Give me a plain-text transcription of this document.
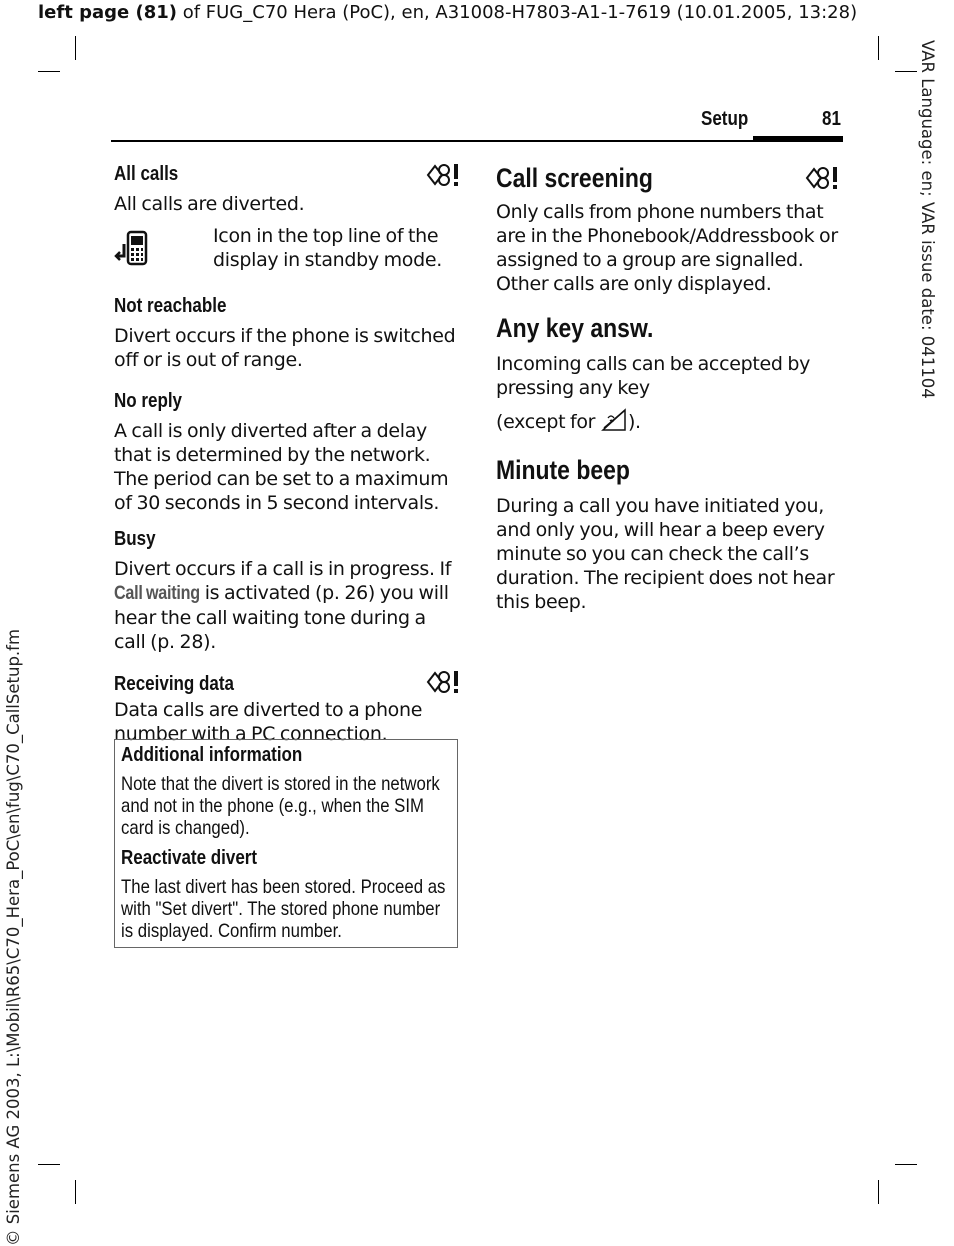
left page (81) of FUG_C70 Hera (PoC), en, A31008-H7803-A1-1-7619 (10.01.2005, 13:28)
VAR Language: en; VAR issue date: 041104
© Siemens AG 2003, L:\Mobil\R65\C70_Hera_PoC\en\fug\C70_CallSetup.fm
Setup	81
All calls

All calls are diverted.

Icon in the top line of the display in standby mode.

Not reachable

Divert occurs if the phone is switched off or is out of range.

No reply

A call is only diverted after a delay that is determined by the network. The period can be set to a maximum of 30 seconds in 5 second intervals.

Busy

Divert occurs if a call is in progress. If Call waiting is activated (p. 26) you will hear the call waiting tone during a call (p. 28).

Receiving data

Data calls are diverted to a phone number with a PC connection.

Additional information

Note that the divert is stored in the network and not in the phone (e.g., when the SIM card is changed).

Reactivate divert

The last divert has been stored. Proceed as with "Set divert". The stored phone number is displayed. Confirm number.

Call screening

Only calls from phone numbers that are in the Phonebook/Addressbook or assigned to a group are signalled. Other calls are only displayed.

Any key answ.

Incoming calls can be accepted by pressing any key

(except for ).

Minute beep

During a call you have initiated you, and only you, will hear a beep every minute so you can check the call’s duration. The recipient does not hear this beep.
